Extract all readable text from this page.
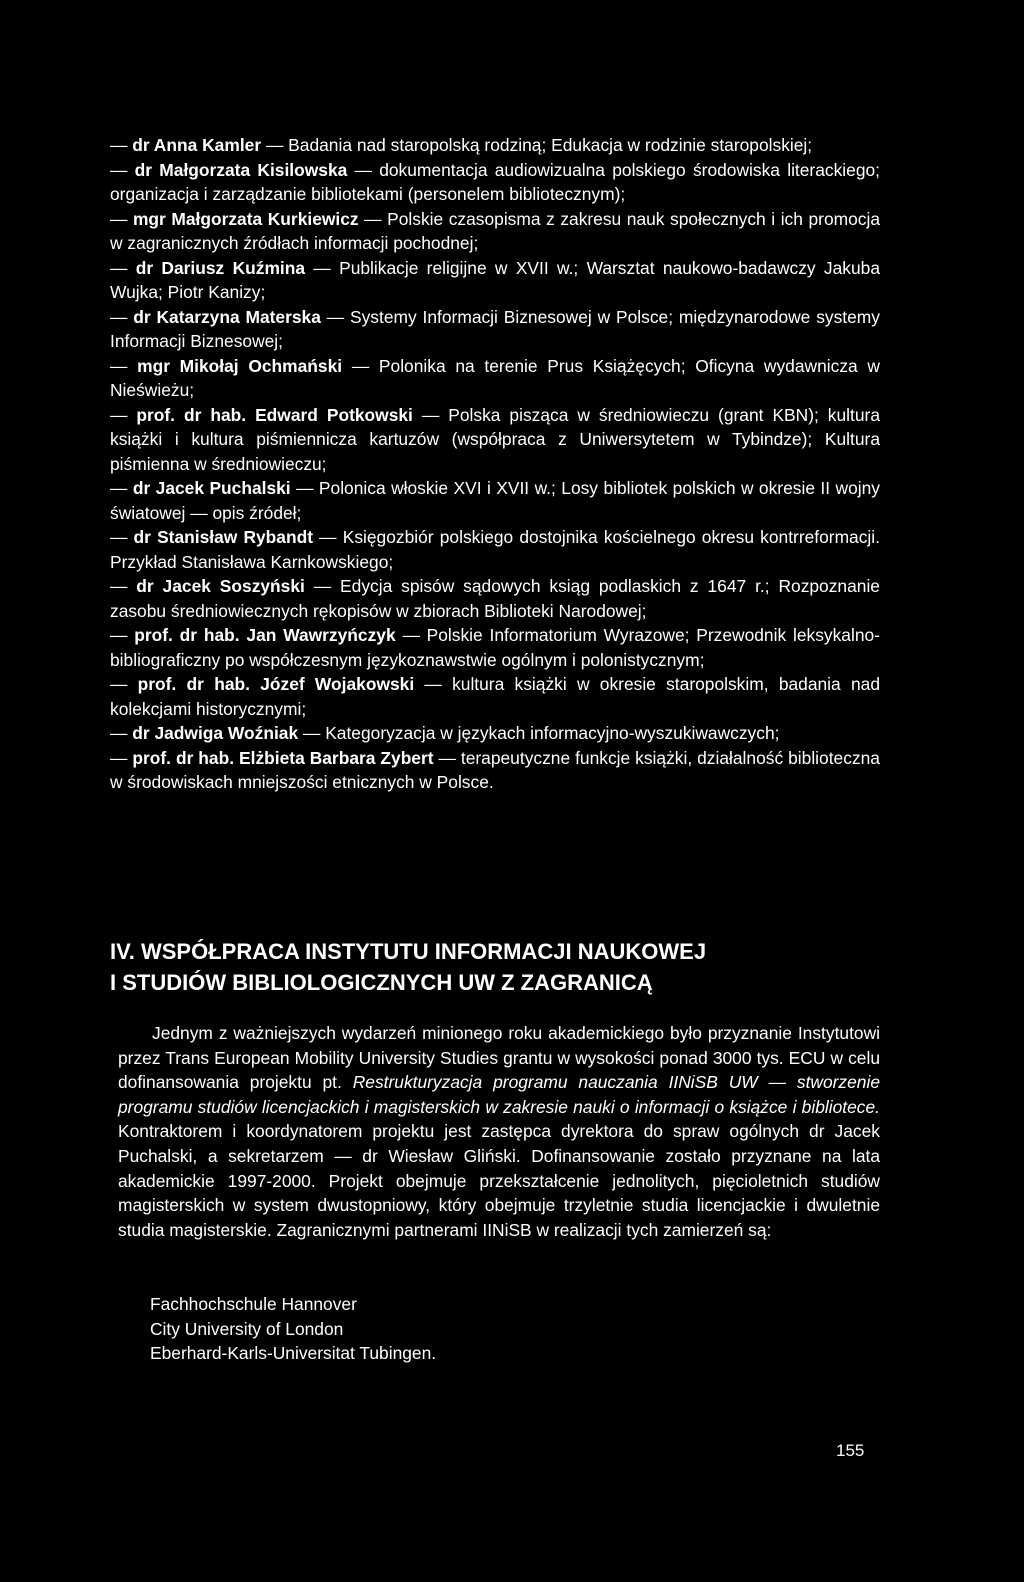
— dr Anna Kamler — Badania nad staropolską rodziną; Edukacja w rodzinie staropolskiej;

— dr Małgorzata Kisilowska — dokumentacja audiowizualna polskiego środowiska literackiego; organizacja i zarządzanie bibliotekami (personelem bibliotecznym);

— mgr Małgorzata Kurkiewicz — Polskie czasopisma z zakresu nauk społecznych i ich promocja w zagranicznych źródłach informacji pochodnej;

— dr Dariusz Kuźmina — Publikacje religijne w XVII w.; Warsztat naukowo-badawczy Jakuba Wujka; Piotr Kanizy;

— dr Katarzyna Materska — Systemy Informacji Biznesowej w Polsce; międzynarodowe systemy Informacji Biznesowej;

— mgr Mikołaj Ochmański — Polonika na terenie Prus Książęcych; Oficyna wydawnicza w Nieświeżu;

— prof. dr hab. Edward Potkowski — Polska pisząca w średniowieczu (grant KBN); kultura książki i kultura piśmiennicza kartuzów (współpraca z Uniwersytetem w Tybindze); Kultura piśmienna w średniowieczu;

— dr Jacek Puchalski — Polonica włoskie XVI i XVII w.; Losy bibliotek polskich w okresie II wojny światowej — opis źródeł;

— dr Stanisław Rybandt — Księgozbiór polskiego dostojnika kościelnego okresu kontrreformacji. Przykład Stanisława Karnkowskiego;

— dr Jacek Soszyński — Edycja spisów sądowych ksiąg podlaskich z 1647 r.; Rozpoznanie zasobu średniowiecznych rękopisów w zbiorach Biblioteki Narodowej;

— prof. dr hab. Jan Wawrzyńczyk — Polskie Informatorium Wyrazowe; Przewodnik leksykalno-bibliograficzny po współczesnym językoznawstwie ogólnym i polonistycznym;

— prof. dr hab. Józef Wojakowski — kultura książki w okresie staropolskim, badania nad kolekcjami historycznymi;

— dr Jadwiga Woźniak — Kategoryzacja w językach informacyjno-wyszukiwawczych;

— prof. dr hab. Elżbieta Barbara Zybert — terapeutyczne funkcje książki, działalność biblioteczna w środowiskach mniejszości etnicznych w Polsce.

IV. WSPÓŁPRACA INSTYTUTU INFORMACJI NAUKOWEJ
I STUDIÓW BIBLIOLOGICZNYCH UW Z ZAGRANICĄ

Jednym z ważniejszych wydarzeń minionego roku akademickiego było przyznanie Instytutowi przez Trans European Mobility University Studies grantu w wysokości ponad 3000 tys. ECU w celu dofinansowania projektu pt. Restrukturyzacja programu nauczania IINiSB UW — stworzenie programu studiów licencjackich i magisterskich w zakresie nauki o informacji o książce i bibliotece. Kontraktorem i koordynatorem projektu jest zastępca dyrektora do spraw ogólnych dr Jacek Puchalski, a sekretarzem — dr Wiesław Gliński. Dofinansowanie zostało przyznane na lata akademickie 1997-2000. Projekt obejmuje przekształcenie jednolitych, pięcioletnich studiów magisterskich w system dwustopniowy, który obejmuje trzyletnie studia licencjackie i dwuletnie studia magisterskie. Zagranicznymi partnerami IINiSB w realizacji tych zamierzeń są:

Fachhochschule Hannover
City University of London
Eberhard-Karls-Universitat Tubingen.
155
